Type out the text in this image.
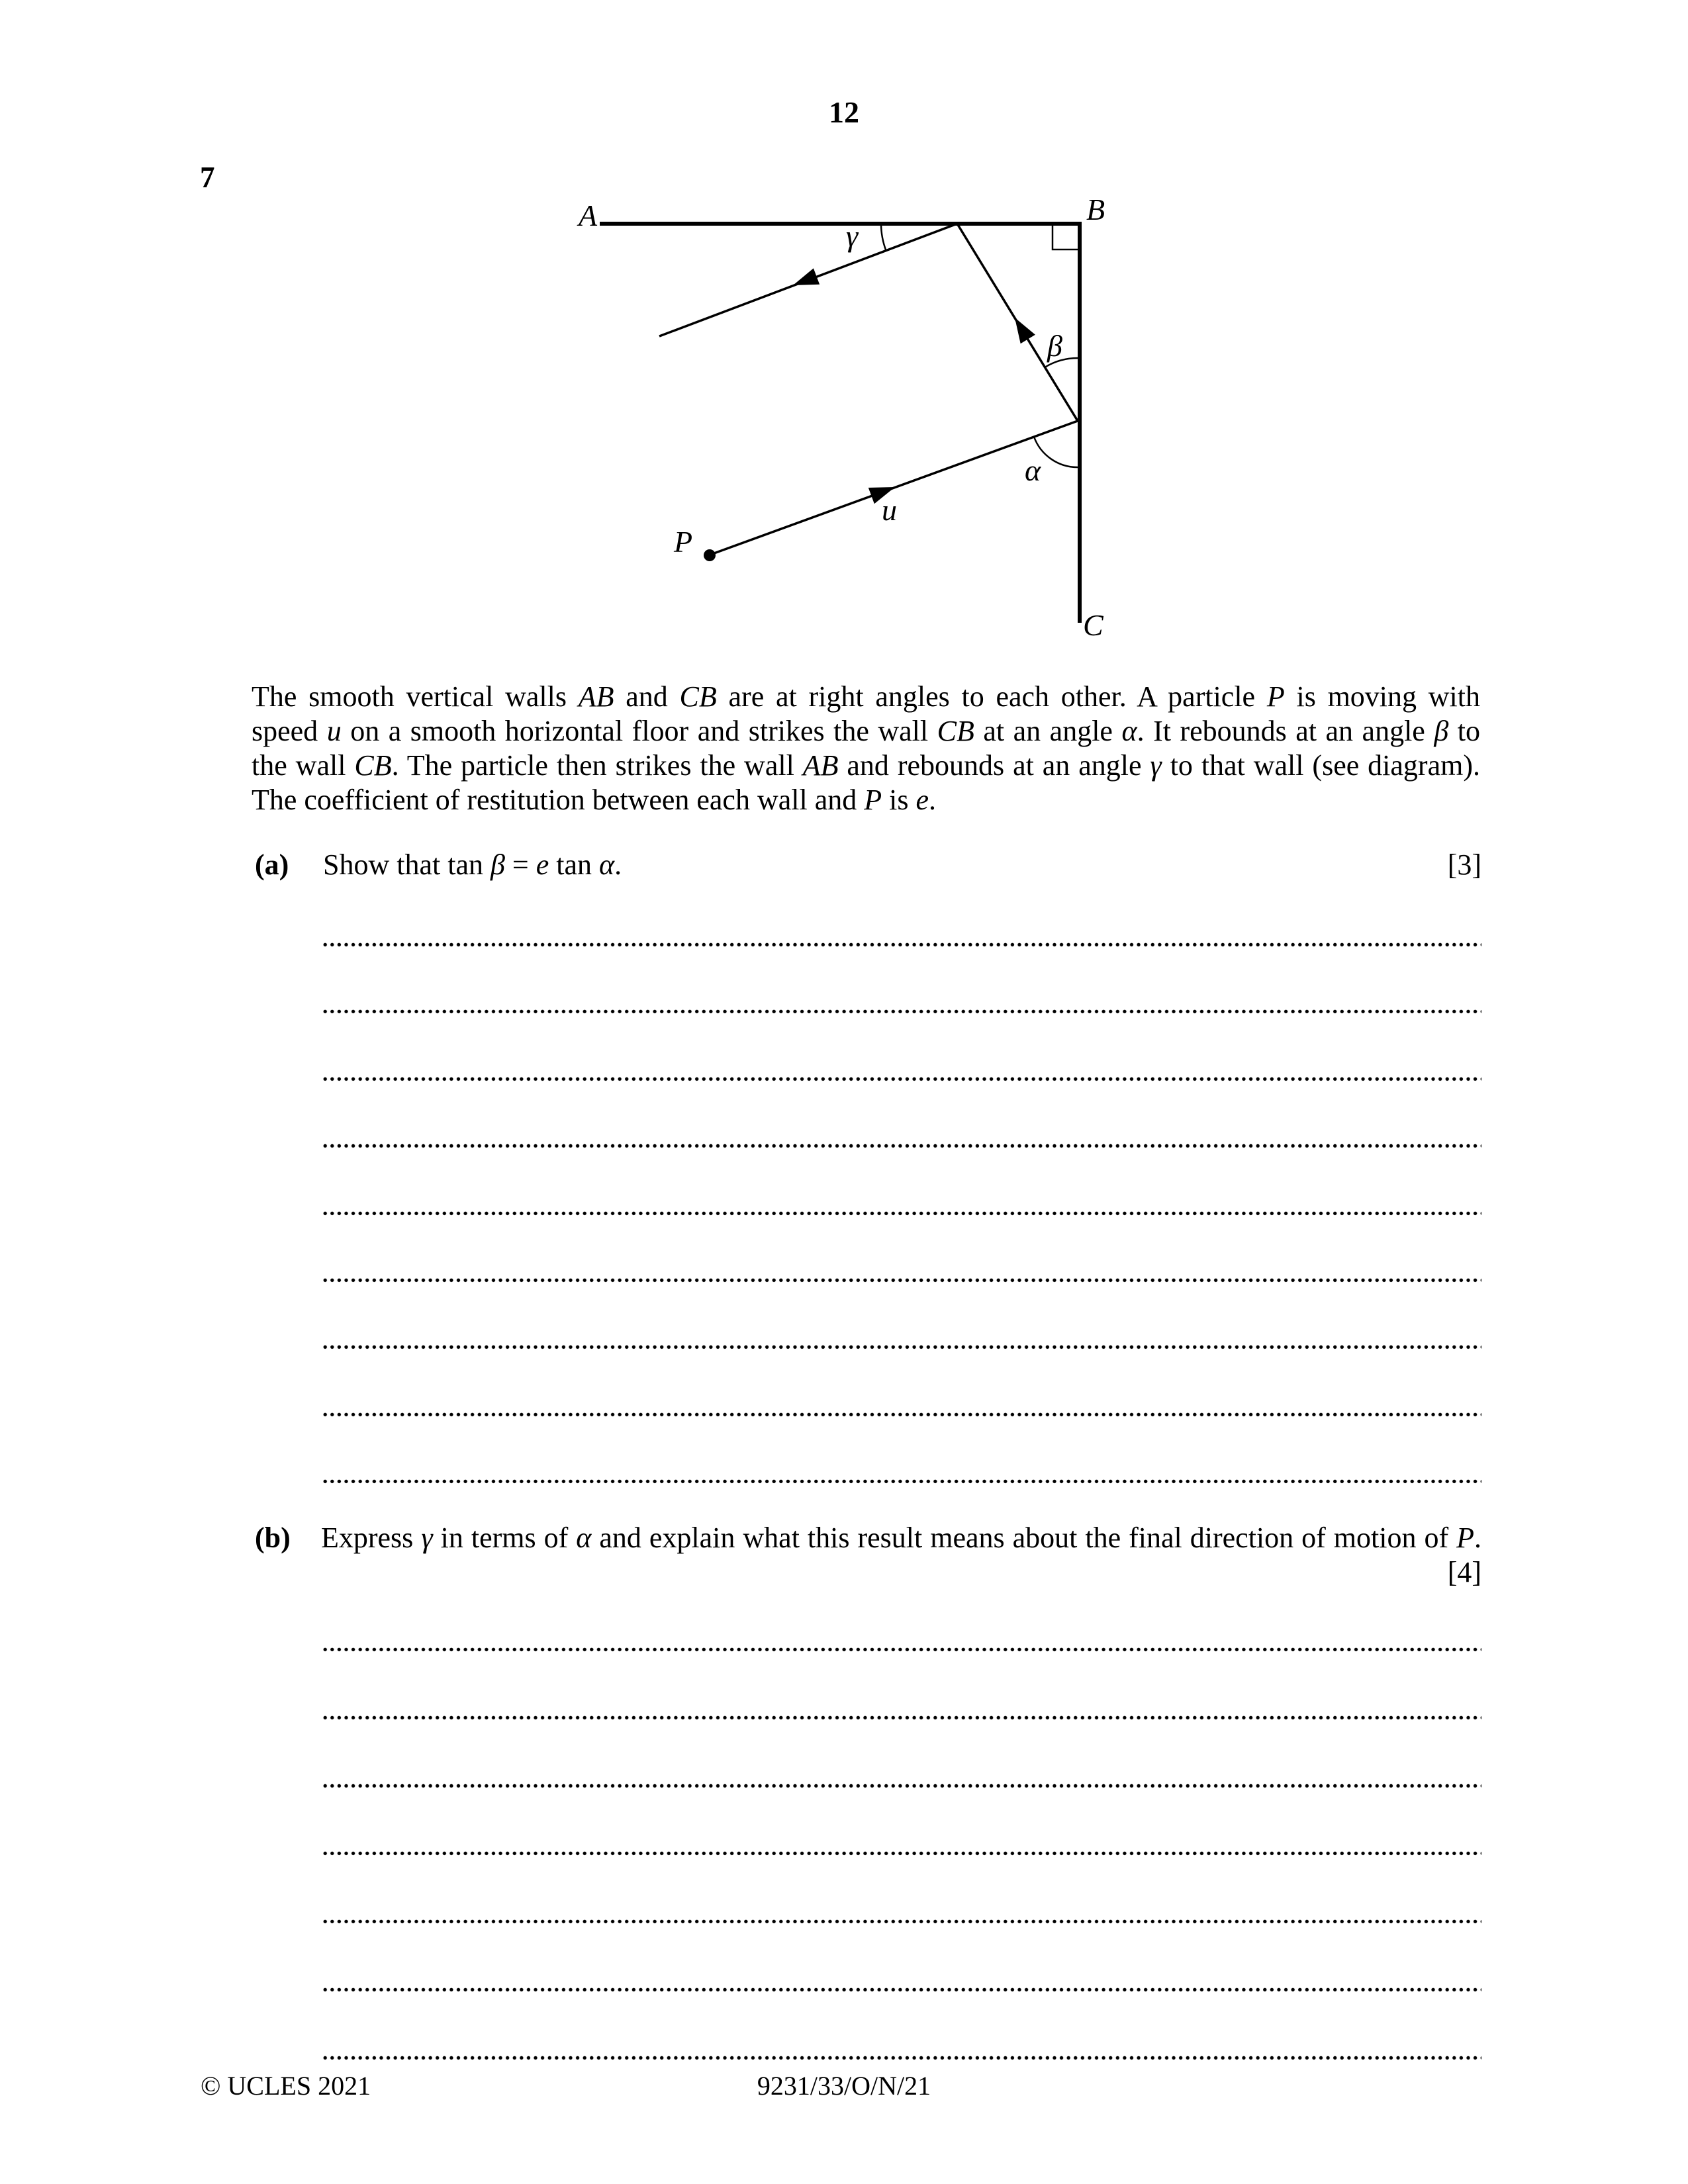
12
7
A	B
C
P
u
γ
β
α
The smooth vertical walls AB and CB are at right angles to each other. A particle P is moving with
speed u on a smooth horizontal floor and strikes the wall CB at an angle α. It rebounds at an angle β to
the wall CB. The particle then strikes the wall AB and rebounds at an angle γ to that wall (see diagram).
The coefficient of restitution between each wall and P is e.
(a) Show that tan β = e tan α.	[3]
(b) Express γ in terms of α and explain what this result means about the final direction of motion of P.
[4]
© UCLES 2021	9231/33/O/N/21
